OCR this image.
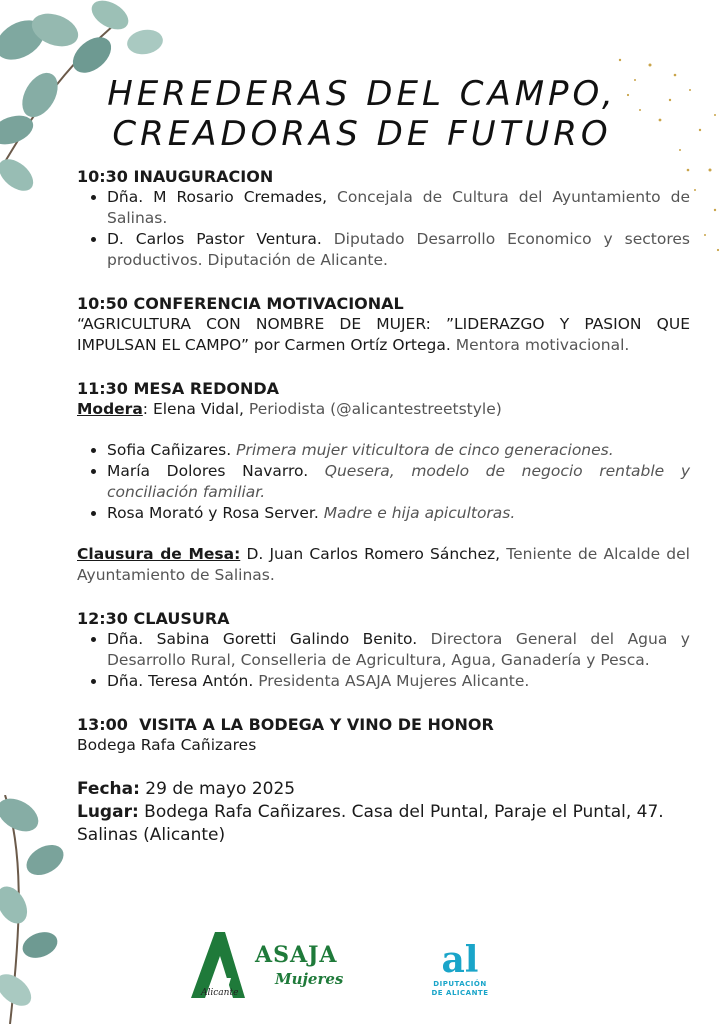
HEREDERAS DEL CAMPO,
CREADORAS DE FUTURO

10:30 INAUGURACION

• Dña. M Rosario Cremades, Concejala de Cultura del Ayuntamiento de Salinas.
• D. Carlos Pastor Ventura. Diputado Desarrollo Economico y sectores productivos. Diputación de Alicante.

10:50 CONFERENCIA MOTIVACIONAL

“AGRICULTURA CON NOMBRE DE MUJER: ”LIDERAZGO Y PASION QUE IMPULSAN EL CAMPO” por Carmen Ortíz Ortega. Mentora motivacional.

11:30 MESA REDONDA

Modera: Elena Vidal, Periodista (@alicantestreetstyle)

• Sofia Cañizares. Primera mujer viticultora de cinco generaciones.
• María Dolores Navarro. Quesera, modelo de negocio rentable y conciliación familiar.
• Rosa Morató y Rosa Server. Madre e hija apicultoras.

Clausura de Mesa: D. Juan Carlos Romero Sánchez, Teniente de Alcalde del Ayuntamiento de Salinas.

12:30 CLAUSURA

• Dña. Sabina Goretti Galindo Benito. Directora General del Agua y Desarrollo Rural, Conselleria de Agricultura, Agua, Ganadería y Pesca.
• Dña. Teresa Antón. Presidenta ASAJA Mujeres Alicante.

13:00  VISITA A LA BODEGA Y VINO DE HONOR

Bodega Rafa Cañizares

Fecha: 29 de mayo 2025

Lugar: Bodega Rafa Cañizares. Casa del Puntal, Paraje el Puntal, 47. Salinas (Alicante)

ASAJA
Mujeres
Alicante
al
DIPUTACIÓN
DE ALICANTE
